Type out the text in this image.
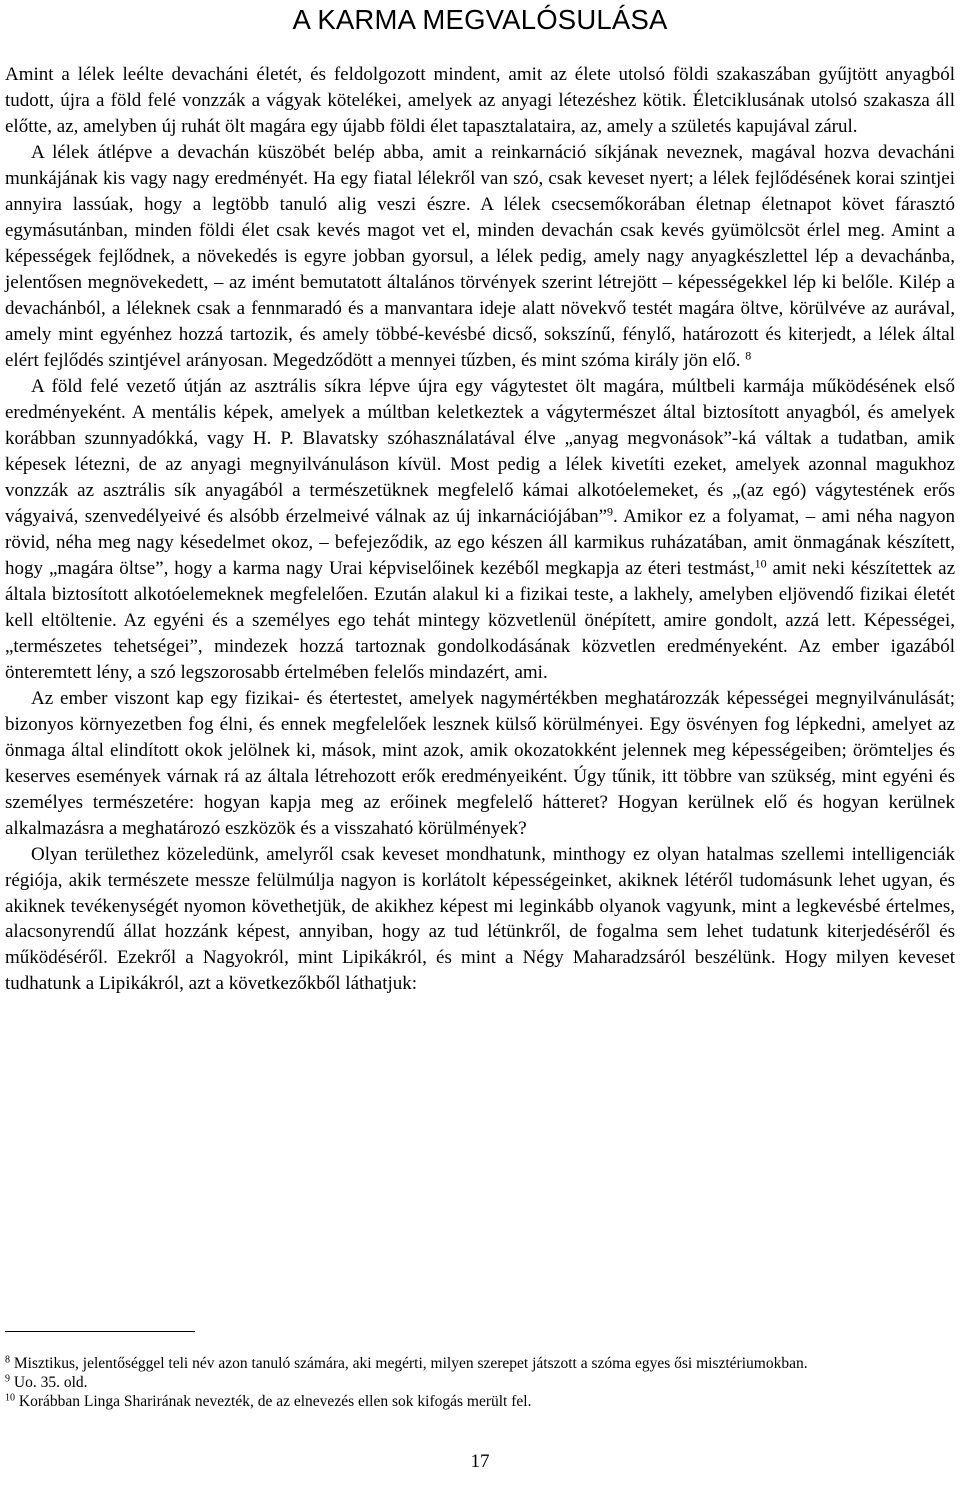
A KARMA MEGVALÓSULÁSA

Amint a lélek leélte devacháni életét, és feldolgozott mindent, amit az élete utolsó földi szakaszában gyűjtött anyagból tudott, újra a föld felé vonzzák a vágyak kötelékei, amelyek az anyagi létezéshez kötik. Életciklusának utolsó szakasza áll előtte, az, amelyben új ruhát ölt magára egy újabb földi élet tapasztalataira, az, amely a születés kapujával zárul.

A lélek átlépve a devachán küszöbét belép abba, amit a reinkarnáció síkjának neveznek, magával hozva devacháni munkájának kis vagy nagy eredményét. Ha egy fiatal lélekről van szó, csak keveset nyert; a lélek fejlődésének korai szintjei annyira lassúak, hogy a legtöbb tanuló alig veszi észre. A lélek csecsemőkorában életnap életnapot követ fárasztó egymásutánban, minden földi élet csak kevés magot vet el, minden devachán csak kevés gyümölcsöt érlel meg. Amint a képességek fejlődnek, a növekedés is egyre jobban gyorsul, a lélek pedig, amely nagy anyagkészlettel lép a devachánba, jelentősen megnövekedett, – az imént bemutatott általános törvények szerint létrejött – képességekkel lép ki belőle. Kilép a devachánból, a léleknek csak a fennmaradó és a manvantara ideje alatt növekvő testét magára öltve, körülvéve az aurával, amely mint egyénhez hozzá tartozik, és amely többé-kevésbé dicső, sokszínű, fénylő, határozott és kiterjedt, a lélek által elért fejlődés szintjével arányosan. Megedződött a mennyei tűzben, és mint szóma király jön elő. $^8$

A föld felé vezető útján az asztrális síkra lépve újra egy vágytestet ölt magára, múltbeli karmája működésének első eredményeként. A mentális képek, amelyek a múltban keletkeztek a vágytermészet által biztosított anyagból, és amelyek korábban szunnyadókká, vagy H. P. Blavatsky szóhasználatával élve „anyag megvonások”-ká váltak a tudatban, amik képesek létezni, de az anyagi megnyilvánuláson kívül. Most pedig a lélek kivetíti ezeket, amelyek azonnal magukhoz vonzzák az asztrális sík anyagából a természetüknek megfelelő kámai alkotóelemeket, és „(az egó) vágytestének erős vágyaivá, szenvedélyeivé és alsóbb érzelmeivé válnak az új inkarnációjában”$^9$. Amikor ez a folyamat, – ami néha nagyon rövid, néha meg nagy késedelmet okoz, – befejeződik, az ego készen áll karmikus ruházatában, amit önmagának készített, hogy „magára öltse”, hogy a karma nagy Urai képviselőinek kezéből megkapja az éteri testmást,$^{10}$ amit neki készítettek az általa biztosított alkotóelemeknek megfelelően. Ezután alakul ki a fizikai teste, a lakhely, amelyben eljövendő fizikai életét kell eltöltenie. Az egyéni és a személyes ego tehát mintegy közvetlenül önépített, amire gondolt, azzá lett. Képességei, „természetes tehetségei”, mindezek hozzá tartoznak gondolkodásának közvetlen eredményeként. Az ember igazából önteremtett lény, a szó legszorosabb értelmében felelős mindazért, ami.

Az ember viszont kap egy fizikai- és étertestet, amelyek nagymértékben meghatározzák képességei megnyilvánulását; bizonyos környezetben fog élni, és ennek megfelelőek lesznek külső körülményei. Egy ösvényen fog lépkedni, amelyet az önmaga által elindított okok jelölnek ki, mások, mint azok, amik okozatokként jelennek meg képességeiben; örömteljes és keserves események várnak rá az általa létrehozott erők eredményeiként. Úgy tűnik, itt többre van szükség, mint egyéni és személyes természetére: hogyan kapja meg az erőinek megfelelő hátteret? Hogyan kerülnek elő és hogyan kerülnek alkalmazásra a meghatározó eszközök és a visszaható körülmények?

Olyan területhez közeledünk, amelyről csak keveset mondhatunk, minthogy ez olyan hatalmas szellemi intelligenciák régiója, akik természete messze felülmúlja nagyon is korlátolt képességeinket, akiknek létéről tudomásunk lehet ugyan, és akiknek tevékenységét nyomon követhetjük, de akikhez képest mi leginkább olyanok vagyunk, mint a legkevésbé értelmes, alacsonyrendű állat hozzánk képest, annyiban, hogy az tud létünkről, de fogalma sem lehet tudatunk kiterjedéséről és működéséről. Ezekről a Nagyokról, mint Lipikákról, és mint a Négy Maharadzsáról beszélünk. Hogy milyen keveset tudhatunk a Lipikákról, azt a következőkből láthatjuk:

$^8$ Misztikus, jelentőséggel teli név azon tanuló számára, aki megérti, milyen szerepet játszott a szóma egyes ősi misztériumokban.

$^9$ Uo. 35. old.

$^{10}$ Korábban Linga Sharirának nevezték, de az elnevezés ellen sok kifogás merült fel.

17
